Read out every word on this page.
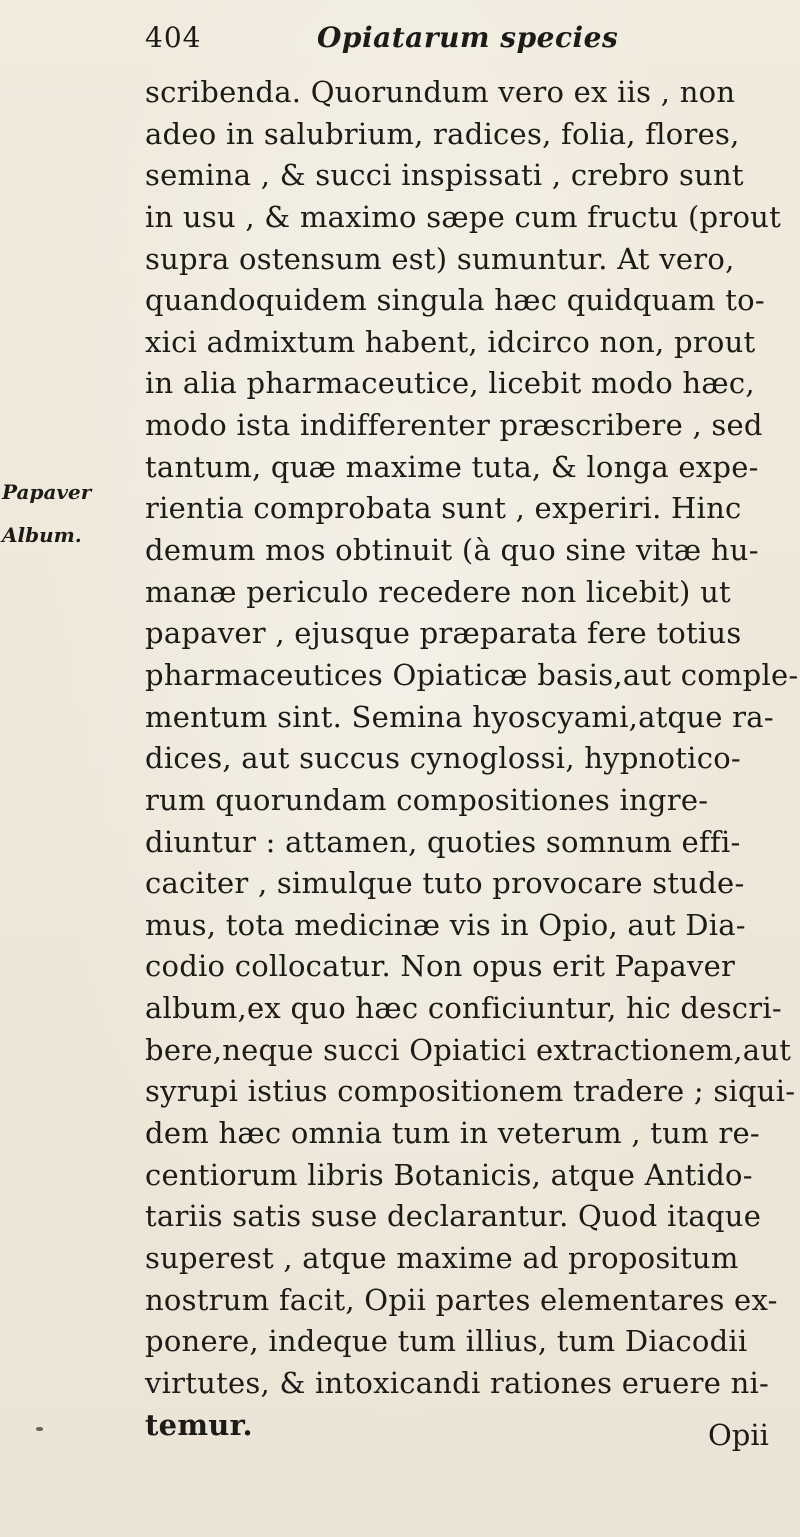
404	Opiatarum species
Papaver
Album.
scribenda. Quorundum vero ex iis , non
adeo in salubrium, radices, folia, flores,
semina , & succi inspissati , crebro sunt
in usu , & maximo sæpe cum fructu (prout
supra ostensum est) sumuntur. At vero,
quandoquidem singula hæc quidquam to-
xici admixtum habent, idcirco non, prout
in alia pharmaceutice, licebit modo hæc,
modo ista indifferenter præscribere , sed
tantum, quæ maxime tuta, & longa expe-
rientia comprobata sunt , experiri. Hinc
demum mos obtinuit (à quo sine vitæ hu-
manæ periculo recedere non licebit) ut
papaver , ejusque præparata fere totius
pharmaceutices Opiaticæ basis,aut comple-
mentum sint. Semina hyoscyami,atque ra-
dices, aut succus cynoglossi, hypnotico-
rum quorundam compositiones ingre-
diuntur : attamen, quoties somnum effi-
caciter , simulque tuto provocare stude-
mus, tota medicinæ vis in Opio, aut Dia-
codio collocatur. Non opus erit Papaver
album,ex quo hæc conficiuntur, hic descri-
bere,neque succi Opiatici extractionem,aut
syrupi istius compositionem tradere ; siqui-
dem hæc omnia tum in veterum , tum re-
centiorum libris Botanicis, atque Antido-
tariis satis suse declarantur. Quod itaque
superest , atque maxime ad propositum
nostrum facit, Opii partes elementares ex-
ponere, indeque tum illius, tum Diacodii
virtutes, & intoxicandi rationes eruere ni-
temur.	Opii
